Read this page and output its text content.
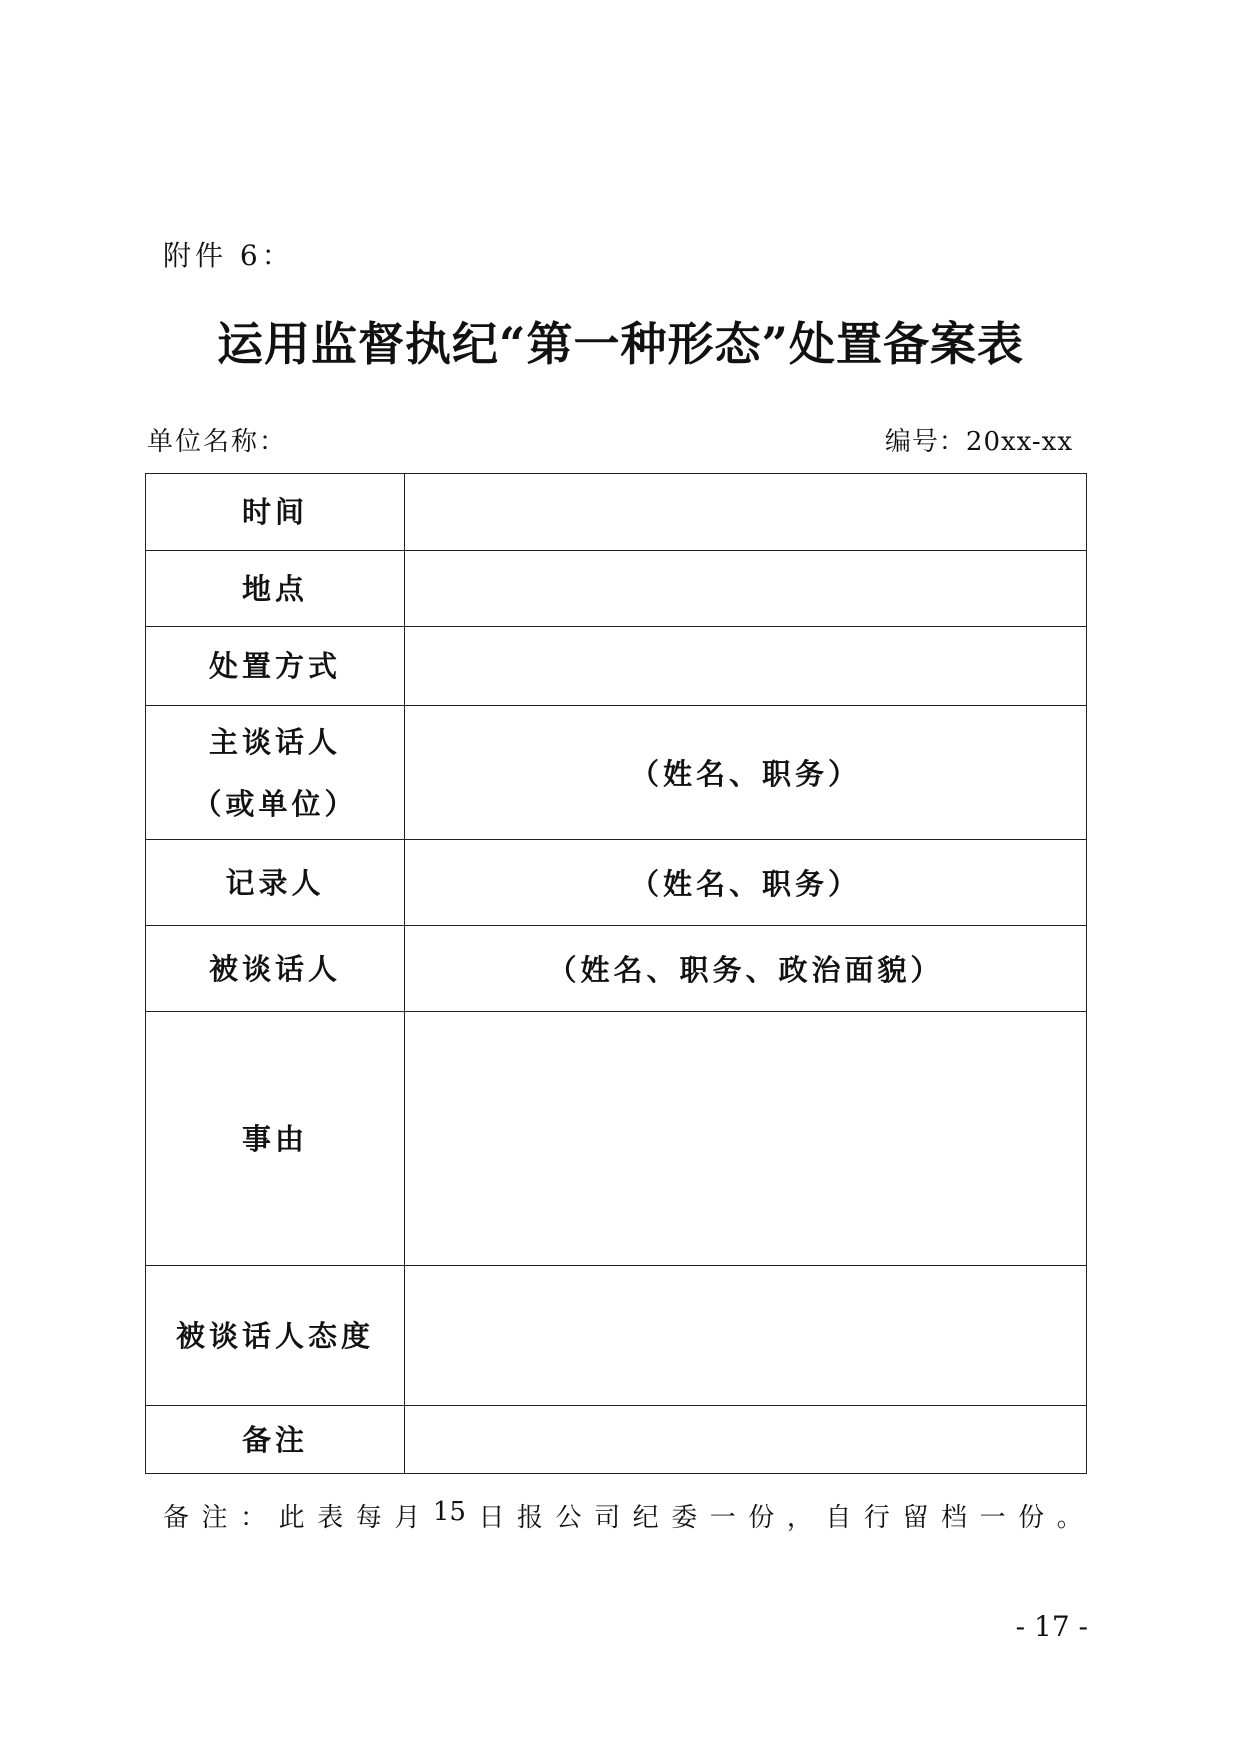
附件 6：
运用监督执纪“第一种形态”处置备案表
单位名称：	编号：20xx-xx
时间	

地点	

处置方式	

主谈话人
（或单位）	（姓名、职务）

记录人	（姓名、职务）

被谈话人	（姓名、职务、政治面貌）

事由	

被谈话人态度	

备注	

备 注 ： 此 表 每 月 15 日 报 公 司 纪 委 一 份 ， 自 行 留 档 一 份 。
- 17 -
